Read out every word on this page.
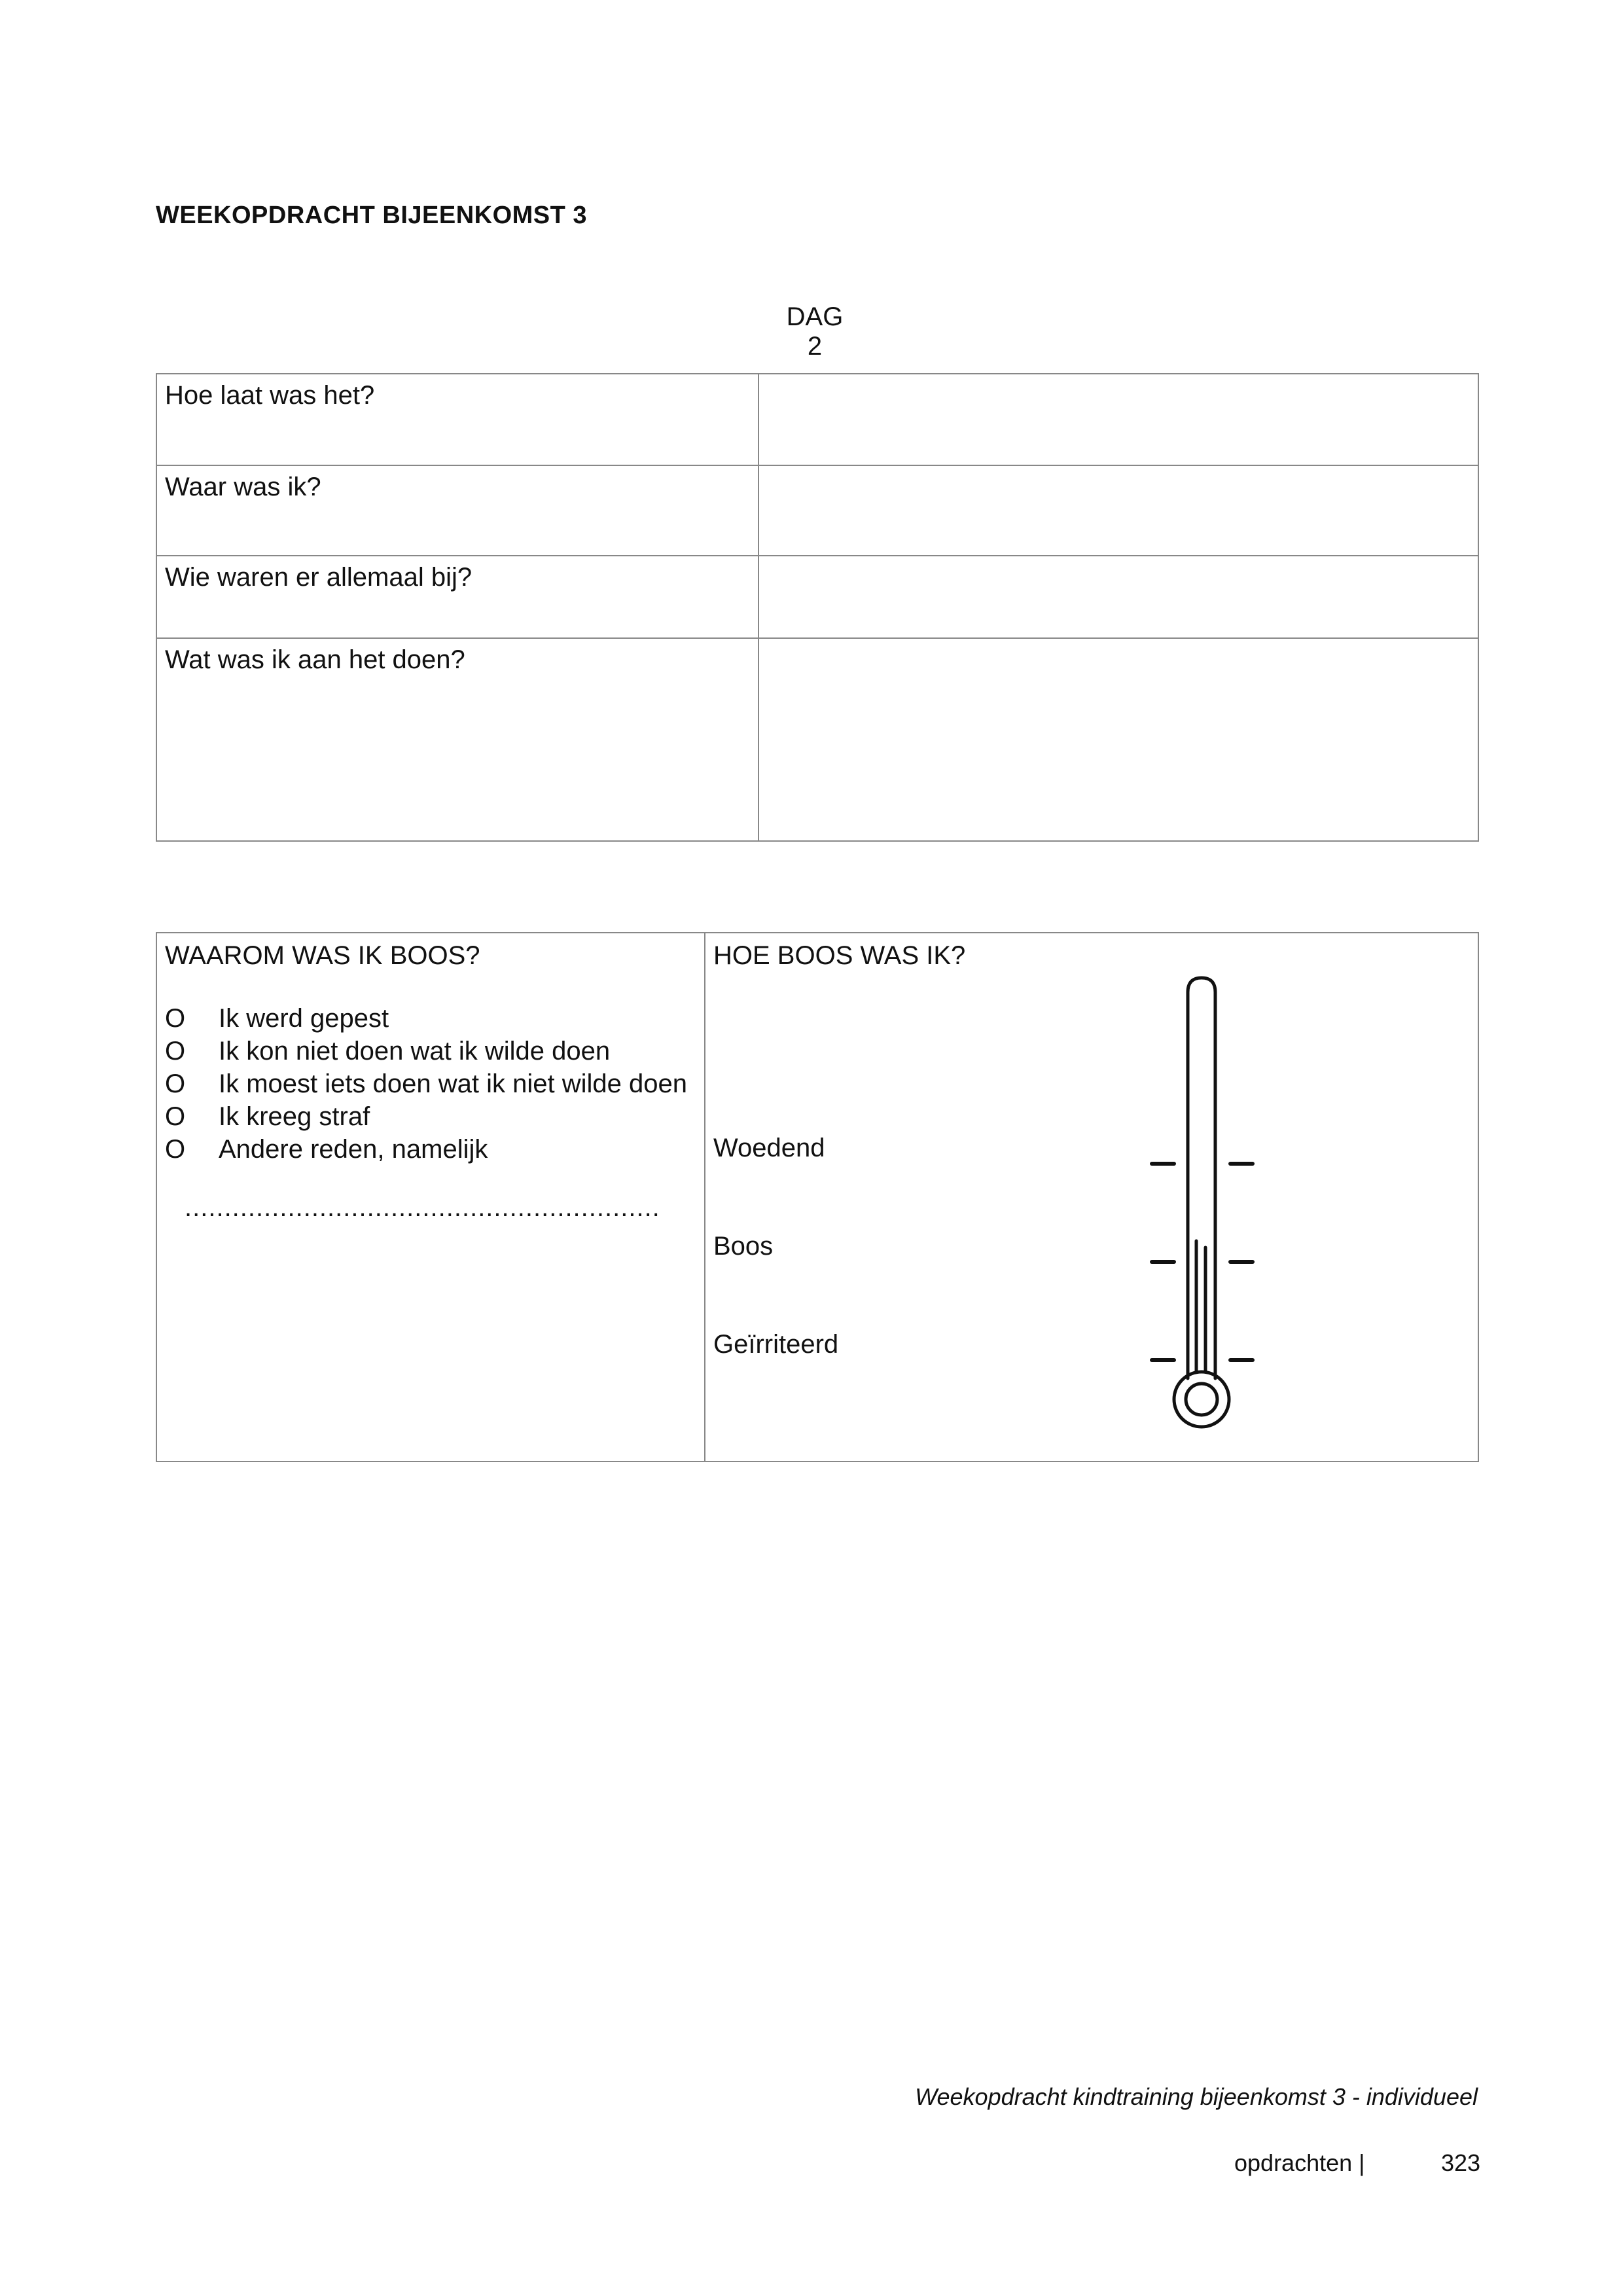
WEEKOPDRACHT BIJEENKOMST 3
DAG 2
Hoe laat was het?	
Waar was ik?	
Wie waren er allemaal bij?	
Wat was ik aan het doen?	
WAAROM WAS IK BOOS?
O	Ik werd gepest
O	Ik kon niet doen wat ik wilde doen
O	Ik moest iets doen wat ik niet wilde doen
O	Ik kreeg straf
O	Andere reden, namelijk
............................................................
HOE BOOS WAS IK?
Woedend
Boos
Geïrriteerd
Weekopdracht kindtraining bijeenkomst 3 - individueel
opdrachten |	323
